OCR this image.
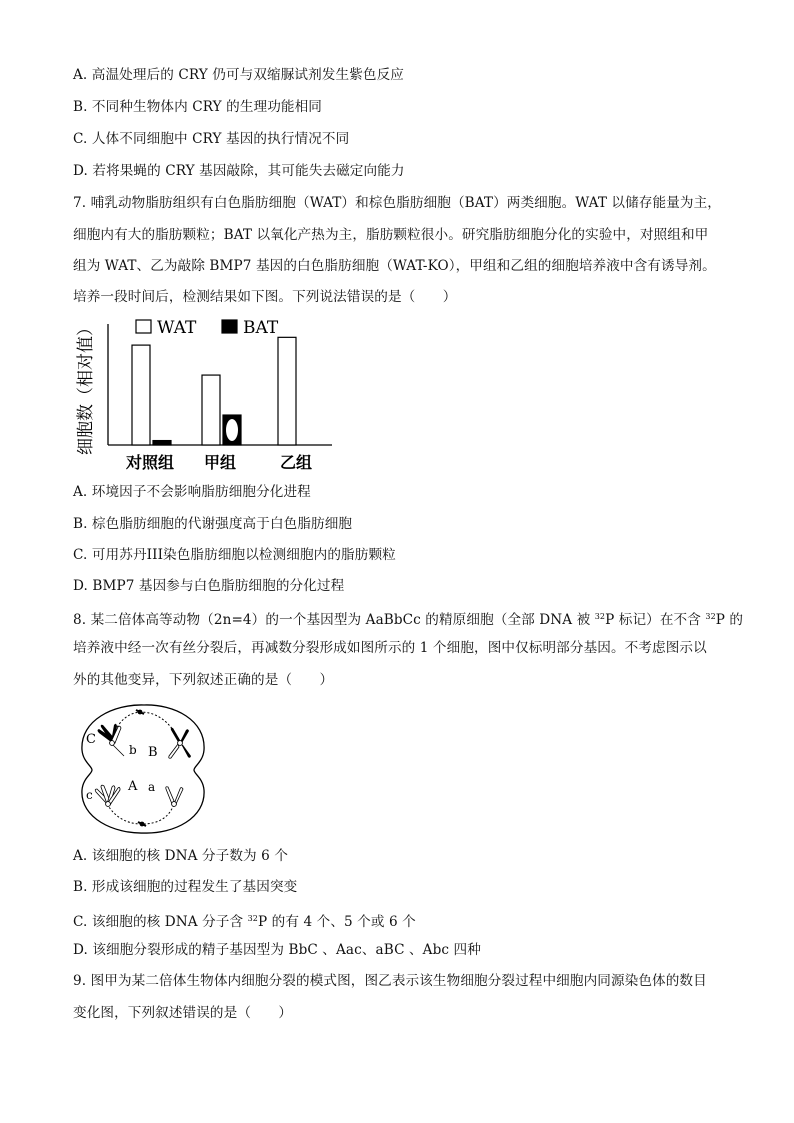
A. 高温处理后的 CRY 仍可与双缩脲试剂发生紫色反应
B. 不同种生物体内 CRY 的生理功能相同
C. 人体不同细胞中 CRY 基因的执行情况不同
D. 若将果蝇的 CRY 基因敲除，其可能失去磁定向能力
7. 哺乳动物脂肪组织有白色脂肪细胞（WAT）和棕色脂肪细胞（BAT）两类细胞。WAT 以储存能量为主，
细胞内有大的脂肪颗粒；BAT 以氧化产热为主，脂肪颗粒很小。研究脂肪细胞分化的实验中，对照组和甲
组为 WAT、乙为敲除 BMP7 基因的白色脂肪细胞（WAT-KO），甲组和乙组的细胞培养液中含有诱导剂。
培养一段时间后，检测结果如下图。下列说法错误的是（　　）
细胞数（相对值）
对照组 甲组	乙组
WAT	BAT
A. 环境因子不会影响脂肪细胞分化进程
B. 棕色脂肪细胞的代谢强度高于白色脂肪细胞
C. 可用苏丹III染色脂肪细胞以检测细胞内的脂肪颗粒
D. BMP7 基因参与白色脂肪细胞的分化过程
8. 某二倍体高等动物（2n=4）的一个基因型为 AaBbCc 的精原细胞（全部 DNA 被 $^{32}$P 标记）在不含 $^{32}$P 的
培养液中经一次有丝分裂后，再减数分裂形成如图所示的 1 个细胞，图中仅标明部分基因。不考虑图示以
外的其他变异，下列叙述正确的是（　　）
C
b B
c
A a
A. 该细胞的核 DNA 分子数为 6 个
B. 形成该细胞的过程发生了基因突变
C. 该细胞的核 DNA 分子含 $^{32}$P 的有 4 个、5 个或 6 个
D. 该细胞分裂形成的精子基因型为 BbC 、Aac、aBC 、Abc 四种
9. 图甲为某二倍体生物体内细胞分裂的模式图，图乙表示该生物细胞分裂过程中细胞内同源染色体的数目
变化图，下列叙述错误的是（　　）
